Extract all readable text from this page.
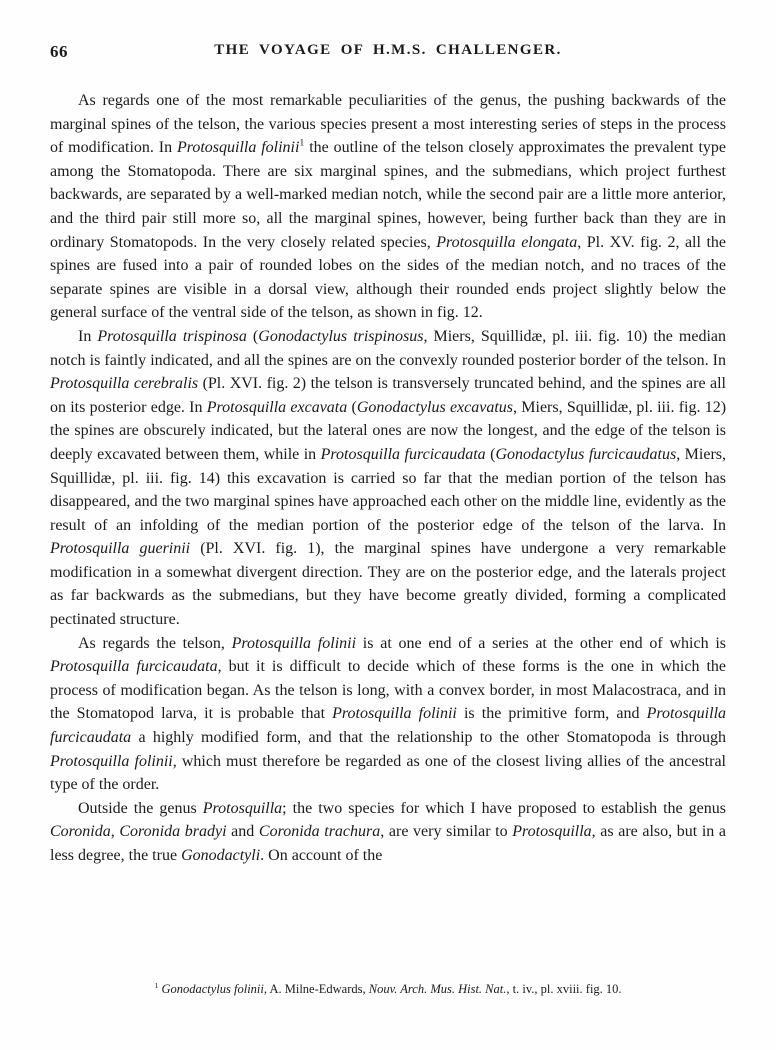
66	THE VOYAGE OF H.M.S. CHALLENGER.

As regards one of the most remarkable peculiarities of the genus, the pushing backwards of the marginal spines of the telson, the various species present a most interesting series of steps in the process of modification. In Protosquilla folinii$^1$ the outline of the telson closely approximates the prevalent type among the Stomatopoda. There are six marginal spines, and the submedians, which project furthest backwards, are separated by a well-marked median notch, while the second pair are a little more anterior, and the third pair still more so, all the marginal spines, however, being further back than they are in ordinary Stomatopods. In the very closely related species, Protosquilla elongata, Pl. XV. fig. 2, all the spines are fused into a pair of rounded lobes on the sides of the median notch, and no traces of the separate spines are visible in a dorsal view, although their rounded ends project slightly below the general surface of the ventral side of the telson, as shown in fig. 12.

In Protosquilla trispinosa (Gonodactylus trispinosus, Miers, Squillidæ, pl. iii. fig. 10) the median notch is faintly indicated, and all the spines are on the convexly rounded posterior border of the telson. In Protosquilla cerebralis (Pl. XVI. fig. 2) the telson is transversely truncated behind, and the spines are all on its posterior edge. In Protosquilla excavata (Gonodactylus excavatus, Miers, Squillidæ, pl. iii. fig. 12) the spines are obscurely indicated, but the lateral ones are now the longest, and the edge of the telson is deeply excavated between them, while in Protosquilla furcicaudata (Gonodactylus furcicaudatus, Miers, Squillidæ, pl. iii. fig. 14) this excavation is carried so far that the median portion of the telson has disappeared, and the two marginal spines have approached each other on the middle line, evidently as the result of an infolding of the median portion of the posterior edge of the telson of the larva. In Protosquilla guerinii (Pl. XVI. fig. 1), the marginal spines have undergone a very remarkable modification in a somewhat divergent direction. They are on the posterior edge, and the laterals project as far backwards as the submedians, but they have become greatly divided, forming a complicated pectinated structure.

As regards the telson, Protosquilla folinii is at one end of a series at the other end of which is Protosquilla furcicaudata, but it is difficult to decide which of these forms is the one in which the process of modification began. As the telson is long, with a convex border, in most Malacostraca, and in the Stomatopod larva, it is probable that Protosquilla folinii is the primitive form, and Protosquilla furcicaudata a highly modified form, and that the relationship to the other Stomatopoda is through Protosquilla folinii, which must therefore be regarded as one of the closest living allies of the ancestral type of the order.

Outside the genus Protosquilla; the two species for which I have proposed to establish the genus Coronida, Coronida bradyi and Coronida trachura, are very similar to Protosquilla, as are also, but in a less degree, the true Gonodactyli. On account of the

$^1$ Gonodactylus folinii, A. Milne-Edwards, Nouv. Arch. Mus. Hist. Nat., t. iv., pl. xviii. fig. 10.
